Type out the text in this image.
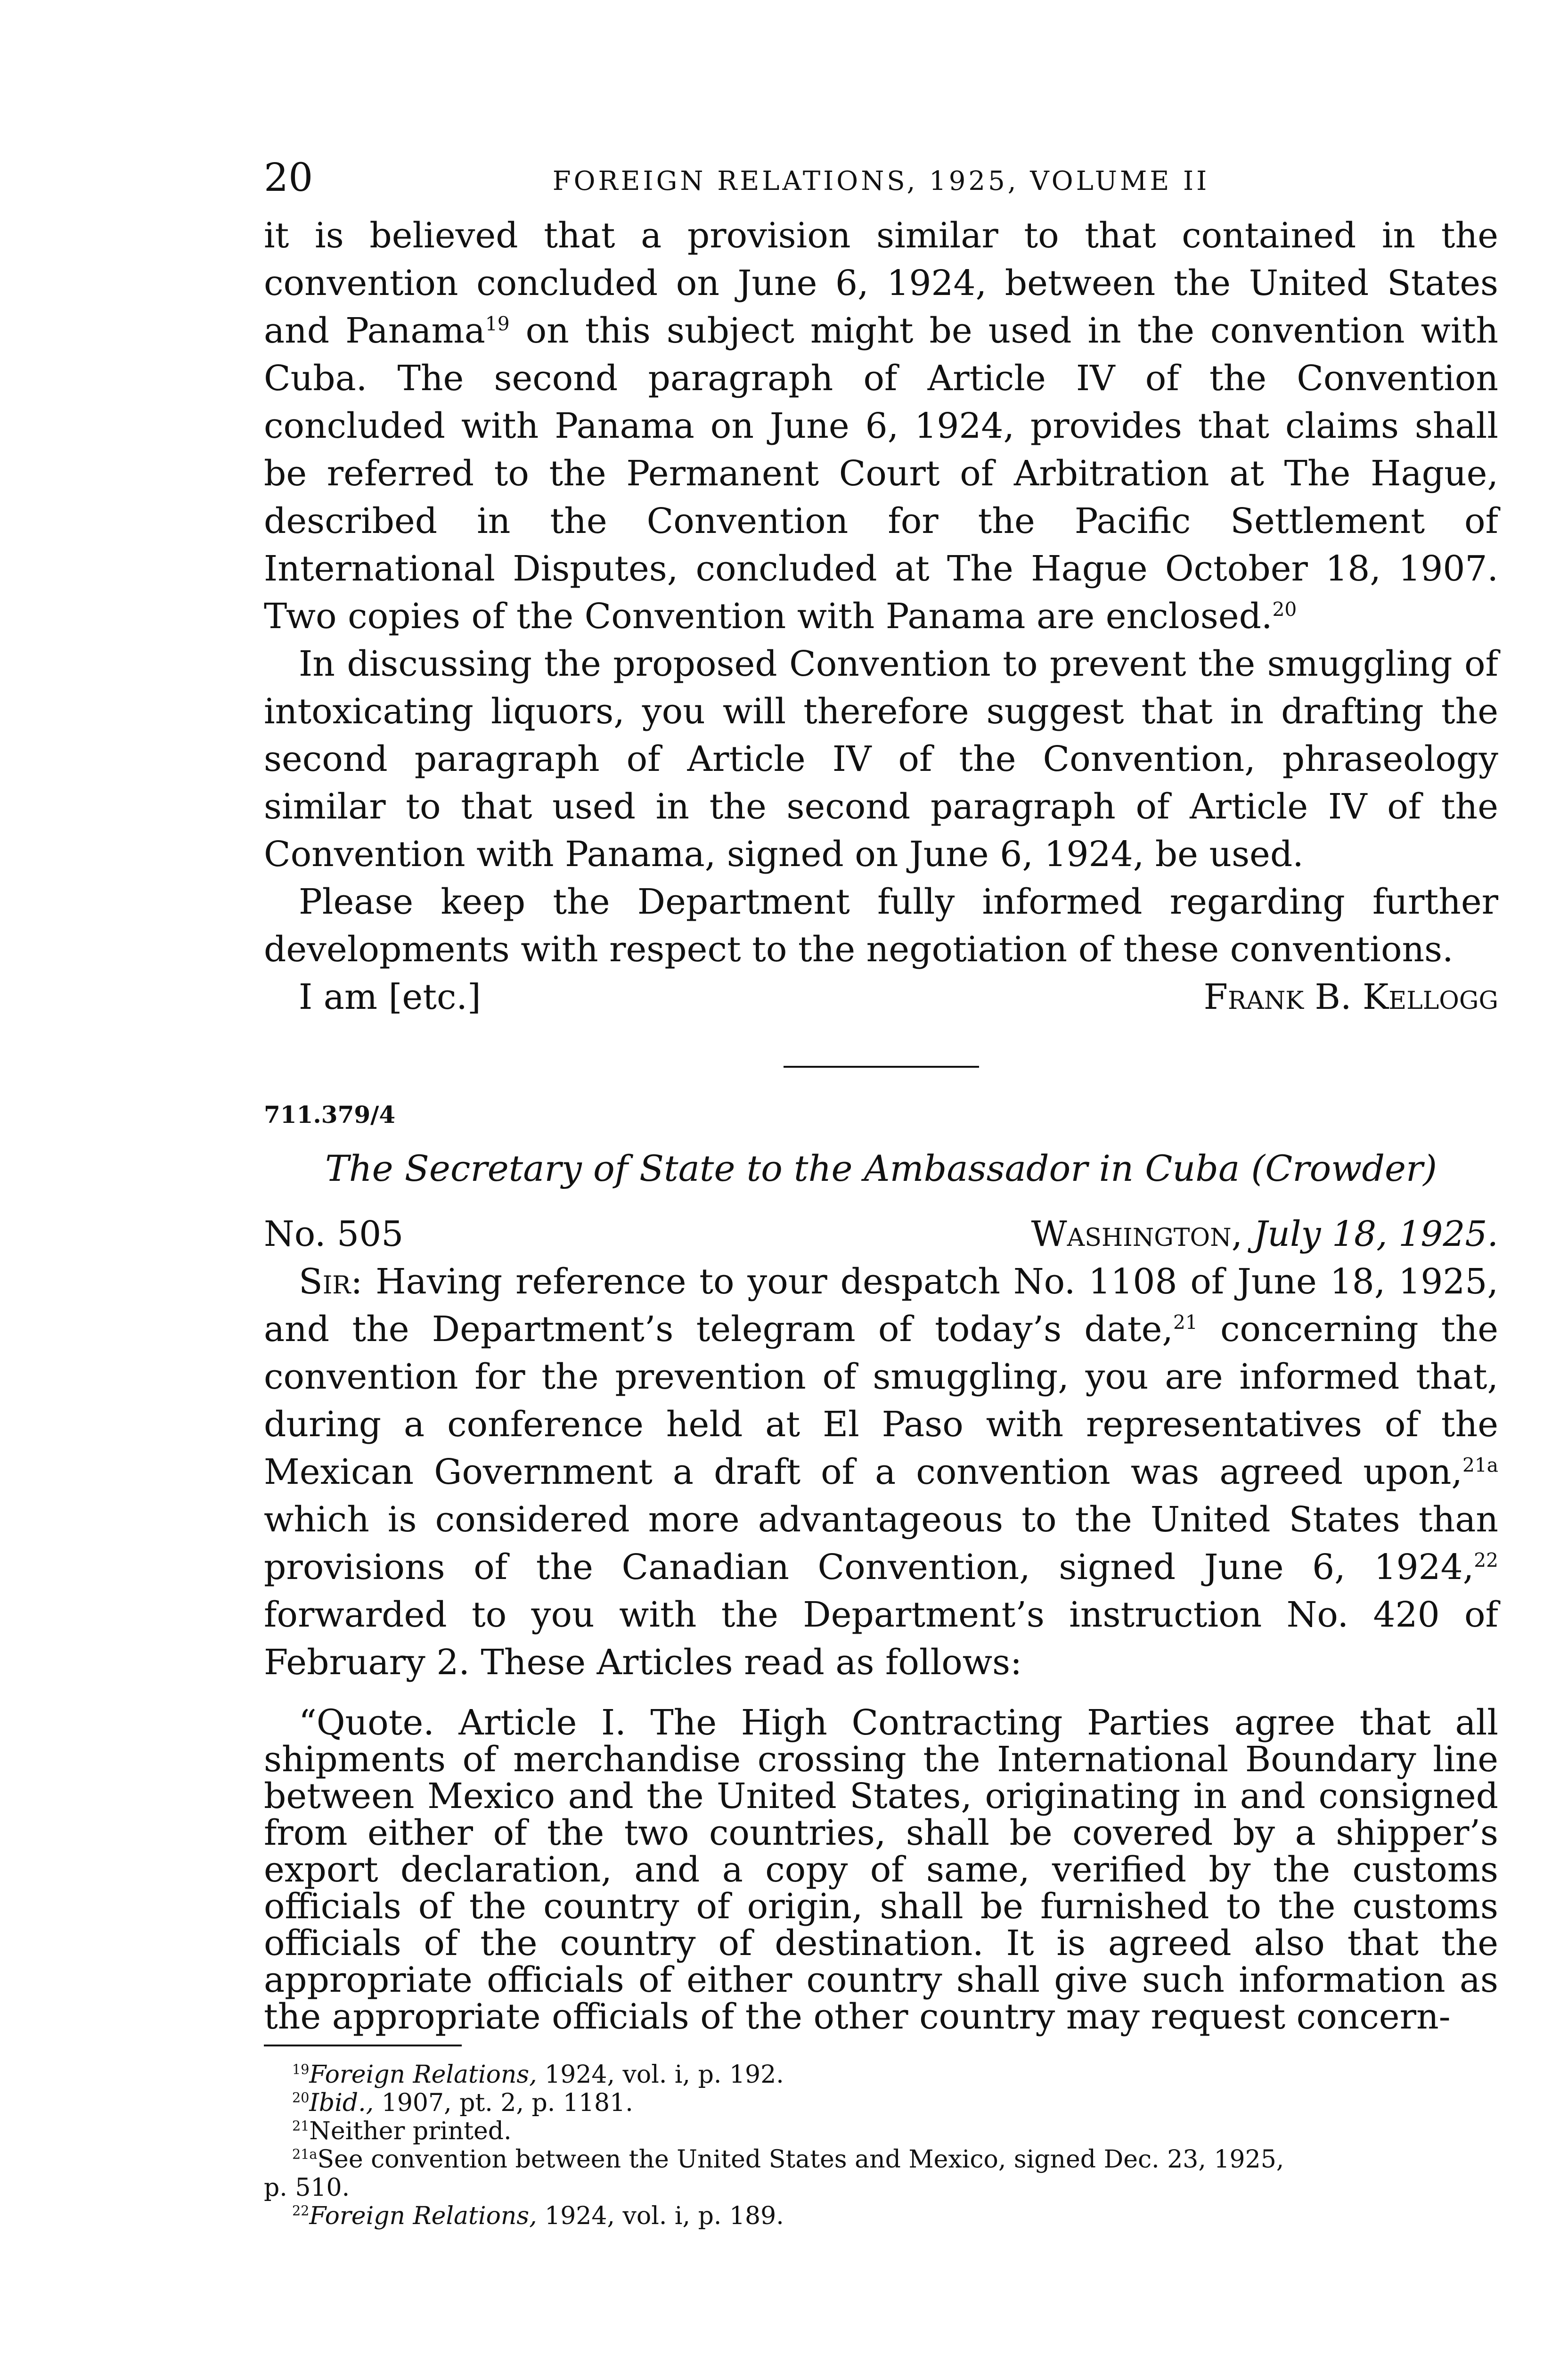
20	FOREIGN RELATIONS, 1925, VOLUME II

it is believed that a provision similar to that contained in the convention concluded on June 6, 1924, between the United States and Panama$^{19}$ on this subject might be used in the convention with Cuba. The second paragraph of Article IV of the Convention concluded with Panama on June 6, 1924, provides that claims shall be referred to the Permanent Court of Arbitration at The Hague, described in the Convention for the Pacific Settlement of International Disputes, concluded at The Hague October 18, 1907. Two copies of the Convention with Panama are enclosed.$^{20}$

In discussing the proposed Convention to prevent the smuggling of intoxicating liquors, you will therefore suggest that in drafting the second paragraph of Article IV of the Convention, phraseology similar to that used in the second paragraph of Article IV of the Convention with Panama, signed on June 6, 1924, be used.

Please keep the Department fully informed regarding further developments with respect to the negotiation of these conventions.

I am [etc.]	Frank B. Kellogg

711.379/4

The Secretary of State to the Ambassador in Cuba (Crowder)

No. 505	Washington, July 18, 1925.

Sir: Having reference to your despatch No. 1108 of June 18, 1925, and the Department’s telegram of today’s date,$^{21}$ concerning the convention for the prevention of smuggling, you are informed that, during a conference held at El Paso with representatives of the Mexican Government a draft of a convention was agreed upon,$^{21a}$ which is considered more advantageous to the United States than provisions of the Canadian Convention, signed June 6, 1924,22 forwarded to you with the Department’s instruction No. 420 of February 2. These Articles read as follows:

“Quote. Article I. The High Contracting Parties agree that all shipments of merchandise crossing the International Boundary line between Mexico and the United States, originating in and consigned from either of the two countries, shall be covered by a shipper’s export declaration, and a copy of same, verified by the customs officials of the country of origin, shall be furnished to the customs officials of the country of destination. It is agreed also that the appropriate officials of either country shall give such information as the appropriate officials of the other country may request concern-

$^{19}$Foreign Relations, 1924, vol. i, p. 192.

$^{20}$Ibid., 1907, pt. 2, p. 1181.

$^{21}$Neither printed.

$^{21a}$See convention between the United States and Mexico, signed Dec. 23, 1925,

p. 510.

$^{22}$Foreign Relations, 1924, vol. i, p. 189.
